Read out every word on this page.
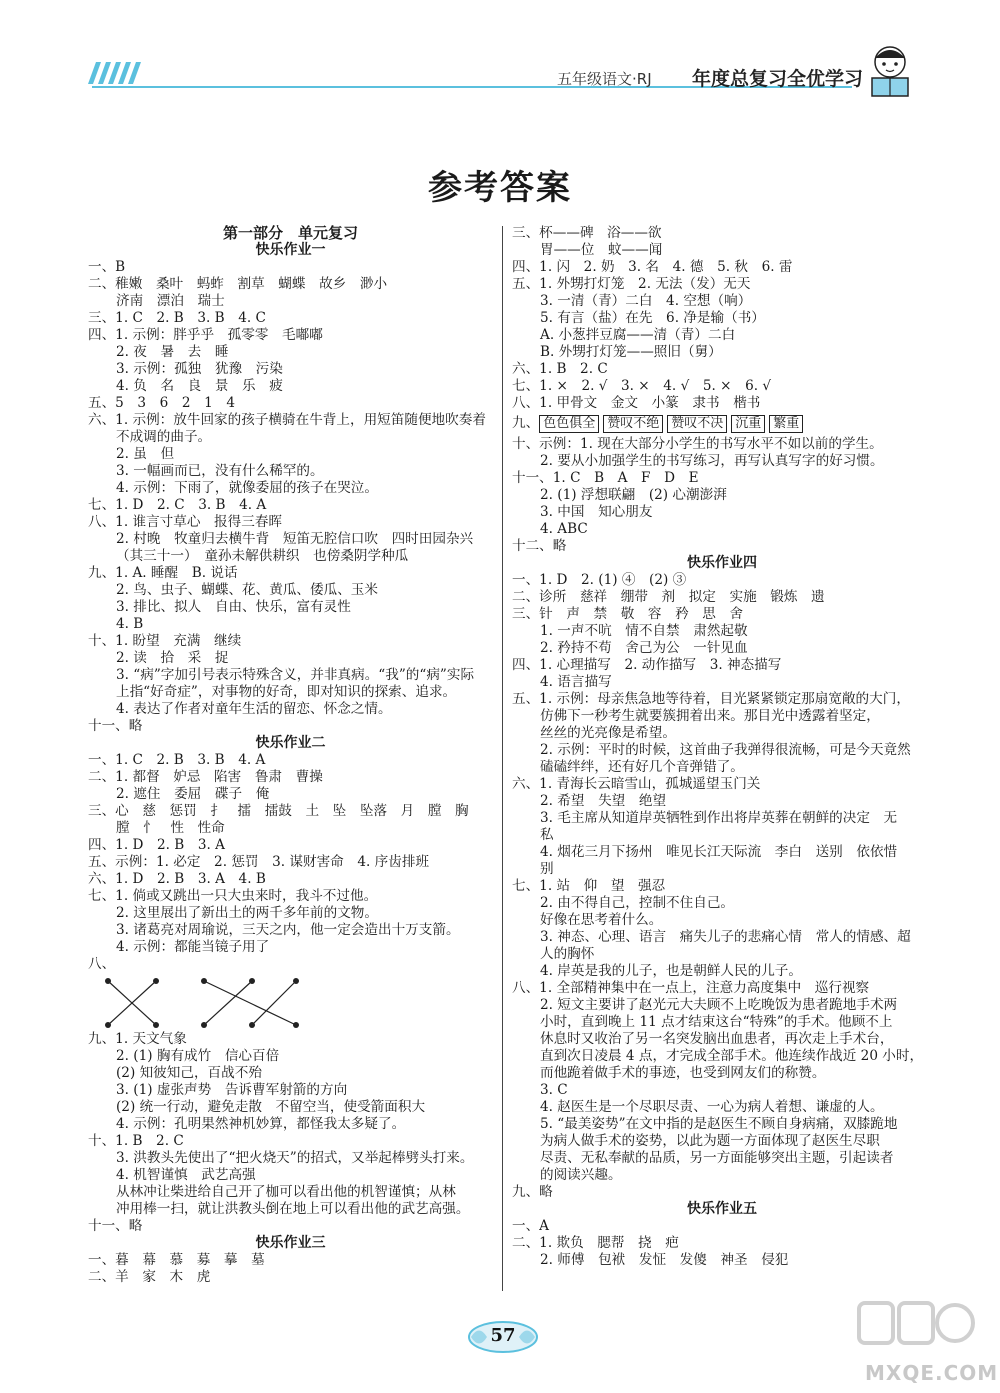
五年级语文·RJ 年度总复习全优学习
参考答案
第一部分　单元复习
快乐作业一
一、B
二、稚嫩　桑叶　蚂蚱　割草　蝴蝶　故乡　渺小
济南　漂泊　瑞士
三、1. C　2. B　3. B　4. C
四、1. 示例：胖乎乎　孤零零　毛嘟嘟
2. 夜　暑　去　睡
3. 示例：孤独　犹豫　污染
4. 负　名　良　景　乐　疲
五、5　3　6　2　1　4
六、1. 示例：放牛回家的孩子横骑在牛背上，用短笛随便地吹奏着
不成调的曲子。
2. 虽　但
3. 一幅画而已，没有什么稀罕的。
4. 示例：下雨了，就像委屈的孩子在哭泣。
七、1. D　2. C　3. B　4. A
八、1. 谁言寸草心　报得三春晖
2. 村晚　牧童归去横牛背　短笛无腔信口吹　四时田园杂兴
（其三十一）　童孙未解供耕织　也傍桑阴学种瓜
九、1. A. 睡醒　B. 说话
2. 鸟、虫子、蝴蝶、花、黄瓜、倭瓜、玉米
3. 排比、拟人　自由、快乐，富有灵性
4. B
十、1. 盼望　充满　继续
2. 读　拾　采　捉
3. “病”字加引号表示特殊含义，并非真病。“我”的“病”实际
上指“好奇症”，对事物的好奇，即对知识的探索、追求。
4. 表达了作者对童年生活的留恋、怀念之情。
十一、略
快乐作业二
一、1. C　2. B　3. B　4. A
二、1. 都督　妒忌　陷害　鲁肃　曹操
2. 遮住　委屈　碟子　俺
三、心　慈　惩罚　扌　擂　擂鼓　土　坠　坠落　月　膛　胸
膛　忄　性　性命
四、1. D　2. B　3. A
五、示例：1. 必定　2. 惩罚　3. 谋财害命　4. 序齿排班
六、1. D　2. B　3. A　4. B
七、1. 倘或又跳出一只大虫来时，我斗不过他。
2. 这里展出了新出土的两千多年前的文物。
3. 诸葛亮对周瑜说，三天之内，他一定会造出十万支箭。
4. 示例：都能当镜子用了
八、
九、1. 天文气象
2. (1) 胸有成竹　信心百倍
(2) 知彼知己，百战不殆
3. (1) 虚张声势　告诉曹军射箭的方向
(2) 统一行动，避免走散　不留空当，使受箭面积大
4. 示例：孔明果然神机妙算，都怪我太多疑了。
十、1. B　2. C
3. 洪教头先使出了“把火烧天”的招式，又举起棒劈头打来。
4. 机智谨慎　武艺高强
从林冲让柴进给自己开了枷可以看出他的机智谨慎；从林
冲用棒一扫，就让洪教头倒在地上可以看出他的武艺高强。
十一、略
快乐作业三
一、暮　幕　慕　募　摹　墓
二、羊　家　木　虎
三、杯——碑　浴——欲
胃——位　蚊——闻
四、1. 闪　2. 奶　3. 名　4. 德　5. 秋　6. 雷
五、1. 外甥打灯笼　2. 无法（发）无天
3. 一清（青）二白　4. 空想（响）
5. 有言（盐）在先　6. 净是输（书）
A. 小葱拌豆腐——清（青）二白
B. 外甥打灯笼——照旧（舅）
六、1. B　2. C
七、1. ×　2. √　3. ×　4. √　5. ×　6. √
八、1. 甲骨文　金文　小篆　隶书　楷书
九、 色色俱全 赞叹不绝 赞叹不决 沉重 繁重
十、示例：1. 现在大部分小学生的书写水平不如以前的学生。
2. 要从小加强学生的书写练习，再写认真写字的好习惯。
十一、1. C　B　A　F　D　E
2. (1) 浮想联翩　(2) 心潮澎湃
3. 中国　知心朋友
4. ABC
十二、略
快乐作业四
一、1. D　2. (1) ④　(2) ③
二、诊所　慈祥　绷带　剂　拟定　实施　锻炼　遗
三、针　声　禁　敬　容　矜　思　舍
1. 一声不吭　情不自禁　肃然起敬
2. 矜持不苟　舍己为公　一针见血
四、1. 心理描写　2. 动作描写　3. 神态描写
4. 语言描写
五、1. 示例：母亲焦急地等待着，目光紧紧锁定那扇宽敞的大门，
仿佛下一秒考生就要簇拥着出来。那目光中透露着坚定，
丝丝的光亮像是希望。
2. 示例：平时的时候，这首曲子我弹得很流畅，可是今天竟然
磕磕绊绊，还有好几个音弹错了。
六、1. 青海长云暗雪山，孤城遥望玉门关
2. 希望　失望　绝望
3. 毛主席从知道岸英牺牲到作出将岸英葬在朝鲜的决定　无
私
4. 烟花三月下扬州　唯见长江天际流　李白　送别　依依惜
别
七、1. 站　仰　望　强忍
2. 由不得自己，控制不住自己。
好像在思考着什么。
3. 神态、心理、语言　痛失儿子的悲痛心情　常人的情感、超
人的胸怀
4. 岸英是我的儿子，也是朝鲜人民的儿子。
八、1. 全部精神集中在一点上，注意力高度集中　巡行视察
2. 短文主要讲了赵光元大夫顾不上吃晚饭为患者跪地手术两
小时，直到晚上 11 点才结束这台“特殊”的手术。他顾不上
休息时又收治了另一名突发脑出血患者，再次走上手术台，
直到次日凌晨 4 点，才完成全部手术。他连续作战近 20 小时，
而他跪着做手术的事迹，也受到网友们的称赞。
3. C
4. 赵医生是一个尽职尽责、一心为病人着想、谦虚的人。
5. “最美姿势”在文中指的是赵医生不顾自身病痛，双膝跪地
为病人做手术的姿势，以此为题一方面体现了赵医生尽职
尽责、无私奉献的品质，另一方面能够突出主题，引起读者
的阅读兴趣。
九、略
快乐作业五
一、A
二、1. 欺负　腮帮　挠　疤
2. 师傅　包袱　发怔　发傻　神圣　侵犯
57
MXQE.COM
